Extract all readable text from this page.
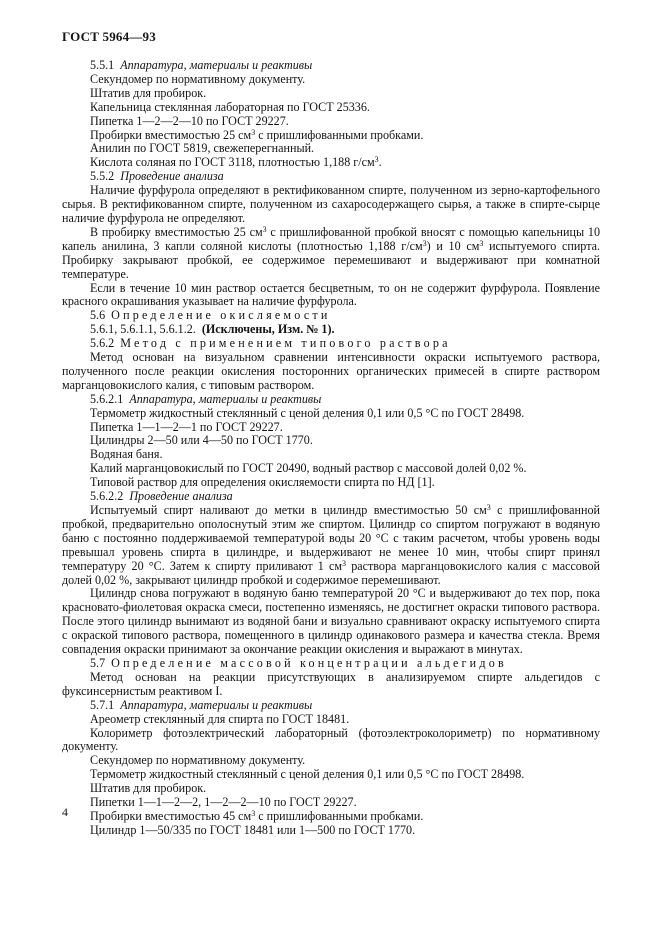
ГОСТ 5964—93

5.5.1 Аппаратура, материалы и реактивы

Секундомер по нормативному документу.

Штатив для пробирок.

Капельница стеклянная лабораторная по ГОСТ 25336.

Пипетка 1—2—2—10 по ГОСТ 29227.

Пробирки вместимостью 25 $см^3$ с пришлифованными пробками.

Анилин по ГОСТ 5819, свежеперегнанный.

Кислота соляная по ГОСТ 3118, плотностью 1,188 $г/см^3$.

5.5.2 Проведение анализа

Наличие фурфурола определяют в ректификованном спирте, полученном из зерно-картофельного сырья. В ректификованном спирте, полученном из сахаросодержащего сырья, а также в спирте-сырце наличие фурфурола не определяют.

В пробирку вместимостью 25 $см^3$ с пришлифованной пробкой вносят с помощью капельницы 10 капель анилина, 3 капли соляной кислоты (плотностью 1,188 $г/см^3$) и 10 $см^3$ испытуемого спирта. Пробирку закрывают пробкой, ее содержимое перемешивают и выдерживают при комнатной температуре.

Если в течение 10 мин раствор остается бесцветным, то он не содержит фурфурола. Появление красного окрашивания указывает на наличие фурфурола.

5.6 Определение окисляемости

5.6.1, 5.6.1.1, 5.6.1.2. (Исключены, Изм. № 1).

5.6.2 Метод с применением типового раствора

Метод основан на визуальном сравнении интенсивности окраски испытуемого раствора, полученного после реакции окисления посторонних органических примесей в спирте раствором марганцовокислого калия, с типовым раствором.

5.6.2.1 Аппаратура, материалы и реактивы

Термометр жидкостный стеклянный с ценой деления 0,1 или 0,5 °С по ГОСТ 28498.

Пипетка 1—1—2—1 по ГОСТ 29227.

Цилиндры 2—50 или 4—50 по ГОСТ 1770.

Водяная баня.

Калий марганцовокислый по ГОСТ 20490, водный раствор с массовой долей 0,02 %.

Типовой раствор для определения окисляемости спирта по НД [1].

5.6.2.2 Проведение анализа

Испытуемый спирт наливают до метки в цилиндр вместимостью 50 $см^3$ с пришлифованной пробкой, предварительно ополоснутый этим же спиртом. Цилиндр со спиртом погружают в водяную баню с постоянно поддерживаемой температурой воды 20 °С с таким расчетом, чтобы уровень воды превышал уровень спирта в цилиндре, и выдерживают не менее 10 мин, чтобы спирт принял температуру 20 °С. Затем к спирту приливают 1 $см^3$ раствора марганцовокислого калия с массовой долей 0,02 %, закрывают цилиндр пробкой и содержимое перемешивают.

Цилиндр снова погружают в водяную баню температурой 20 °С и выдерживают до тех пор, пока красновато-фиолетовая окраска смеси, постепенно изменяясь, не достигнет окраски типового раствора. После этого цилиндр вынимают из водяной бани и визуально сравнивают окраску испытуемого спирта с окраской типового раствора, помещенного в цилиндр одинакового размера и качества стекла. Время совпадения окраски принимают за окончание реакции окисления и выражают в минутах.

5.7 Определение массовой концентрации альдегидов

Метод основан на реакции присутствующих в анализируемом спирте альдегидов с фуксинсернистым реактивом I.

5.7.1 Аппаратура, материалы и реактивы

Ареометр стеклянный для спирта по ГОСТ 18481.

Колориметр фотоэлектрический лабораторный (фотоэлектроколориметр) по нормативному документу.

Секундомер по нормативному документу.

Термометр жидкостный стеклянный с ценой деления 0,1 или 0,5 °С по ГОСТ 28498.

Штатив для пробирок.

Пипетки 1—1—2—2, 1—2—2—10 по ГОСТ 29227.

Пробирки вместимостью 45 $см^3$ с пришлифованными пробками.

Цилиндр 1—50/335 по ГОСТ 18481 или 1—500 по ГОСТ 1770.

4
